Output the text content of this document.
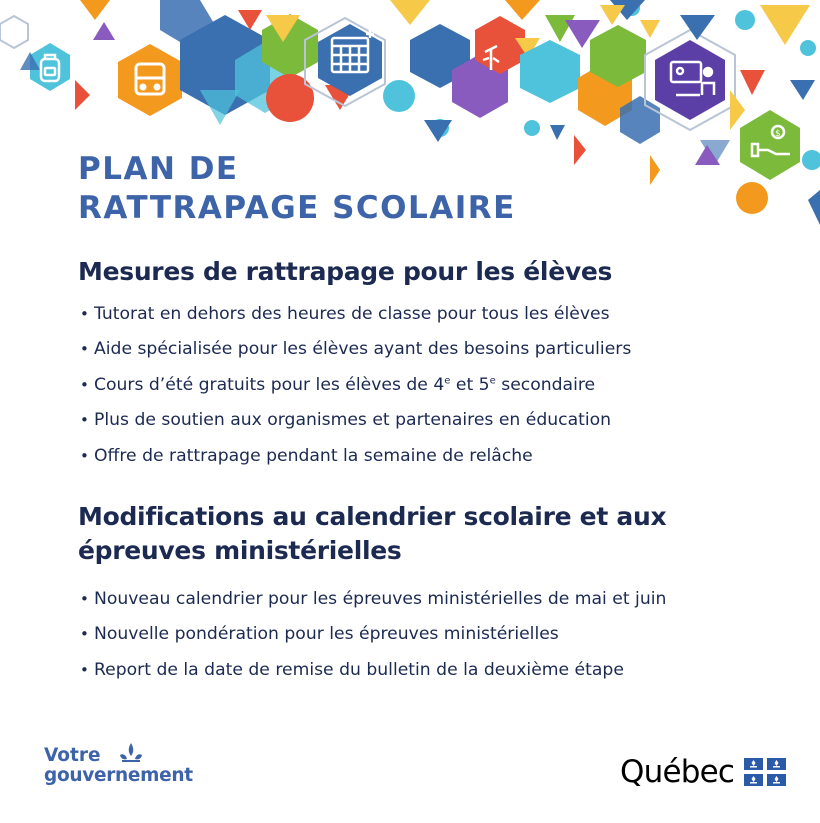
$
PLAN DE
RATTRAPAGE SCOLAIRE
Mesures de rattrapage pour les élèves
• Tutorat en dehors des heures de classe pour tous les élèves
• Aide spécialisée pour les élèves ayant des besoins particuliers
• Cours d’été gratuits pour les élèves de 4e et 5e secondaire
• Plus de soutien aux organismes et partenaires en éducation
• Offre de rattrapage pendant la semaine de relâche
Modifications au calendrier scolaire et aux épreuves ministérielles
• Nouveau calendrier pour les épreuves ministérielles de mai et juin
• Nouvelle pondération pour les épreuves ministérielles
• Report de la date de remise du bulletin de la deuxième étape
Votre
gouvernement	Québec
